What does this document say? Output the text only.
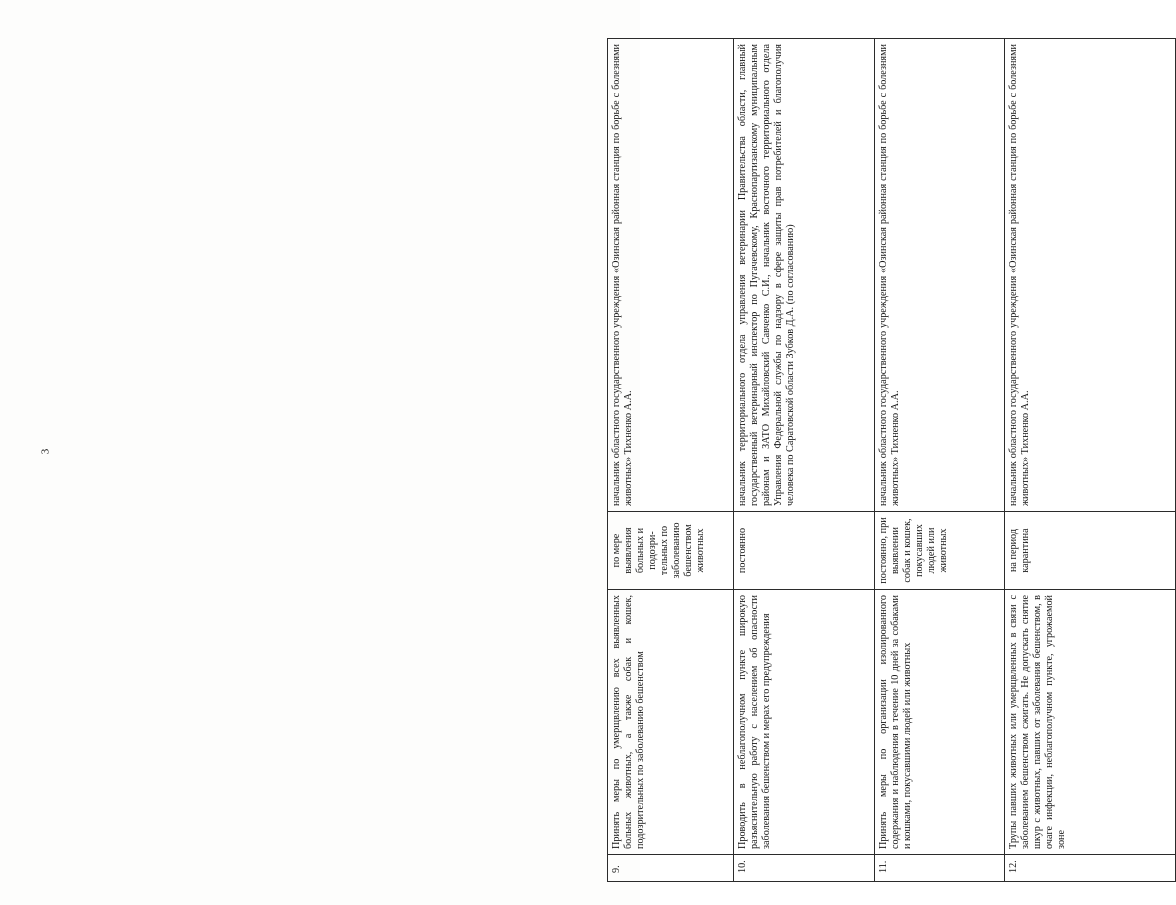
3
9.	Принять меры по умерщвлению всех выявленных больных животных, а также собак и кошек, подозрительных по заболеванию бешенством	по мере выявления больных и подозри-тельных по заболеванию бешенством животных	начальник областного государственного учреждения «Озинская районная станция по борьбе с болезнями животных» Тихненко А.А.
10.	Проводить в неблагополучном пункте широкую разъяснительную работу с населением об опасности заболевания бешенством и мерах его предупреждения	постоянно	начальник территориального отдела управления ветеринарии Правительства области, главный государственный ветеринарный инспектор по Пугачевскому, Краснопартизанскому муниципальным районам и ЗАТО Михайловский Савченко С.И., начальник восточного территориального отдела Управления Федеральной службы по надзору в сфере защиты прав потребителей и благополучия человека по Саратовской области Зубков Д.А. (по согласованию)
11.	Принять меры по организации изолированного содержания и наблюдения в течение 10 дней за собаками и кошками, покусавшими людей или животных	постоянно, при выявлении собак и кошек, покусавших людей или животных	начальник областного государственного учреждения «Озинская районная станция по борьбе с болезнями животных» Тихненко А.А.
12.	Трупы павших животных или умерщвленных в связи с заболеванием бешенством сжигать. Не допускать снятие шкур с животных, павших от заболевания бешенством, в очаге инфекции, неблагополучном пункте, угрожаемой зоне	на период карантина	начальник областного государственного учреждения «Озинская районная станция по борьбе с болезнями животных» Тихненко А.А.
